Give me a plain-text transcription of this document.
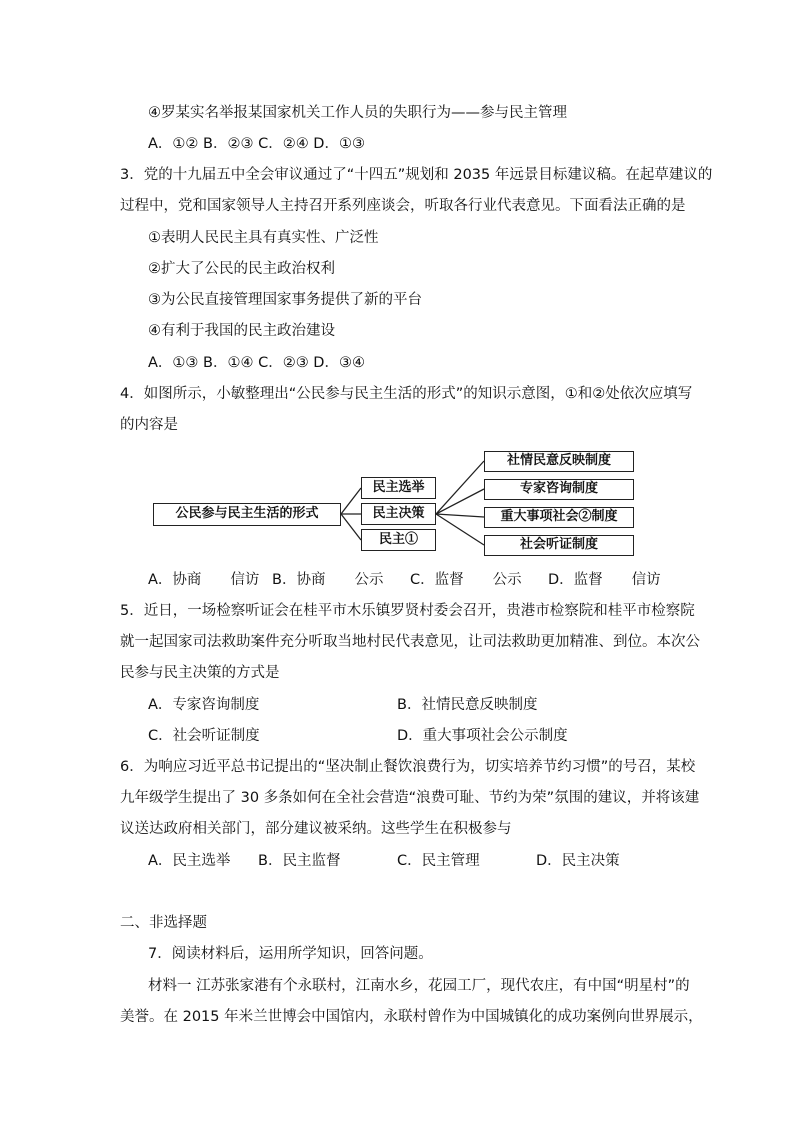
④罗某实名举报某国家机关工作人员的失职行为——参与民主管理
A．①② B．②③ C．②④ D．①③
3．党的十九届五中全会审议通过了“十四五”规划和 2035 年远景目标建议稿。在起草建议的
过程中，党和国家领导人主持召开系列座谈会，听取各行业代表意见。下面看法正确的是
①表明人民民主具有真实性、广泛性
②扩大了公民的民主政治权利
③为公民直接管理国家事务提供了新的平台
④有利于我国的民主政治建设
A．①③ B．①④ C．②③ D．③④
4．如图所示，小敏整理出“公民参与民主生活的形式”的知识示意图，①和②处依次应填写
的内容是
公民参与民主生活的形式
民主选举
民主决策
民主①
社情民意反映制度
专家咨询制度
重大事项社会②制度
社会听证制度
A．协商　　信访 B．协商　　公示 C．监督　　公示 D．监督　　信访
5．近日，一场检察听证会在桂平市木乐镇罗贤村委会召开，贵港市检察院和桂平市检察院
就一起国家司法救助案件充分听取当地村民代表意见，让司法救助更加精准、到位。本次公
民参与民主决策的方式是
A．专家咨询制度	B．社情民意反映制度
C．社会听证制度	D．重大事项社会公示制度
6．为响应习近平总书记提出的“坚决制止餐饮浪费行为，切实培养节约习惯”的号召，某校
九年级学生提出了 30 多条如何在全社会营造“浪费可耻、节约为荣”氛围的建议，并将该建
议送达政府相关部门，部分建议被采纳。这些学生在积极参与
A．民主选举 B．民主监督	C．民主管理	D．民主决策
二、非选择题
7．阅读材料后，运用所学知识，回答问题。
材料一 江苏张家港有个永联村，江南水乡，花园工厂，现代农庄，有中国“明星村”的
美誉。在 2015 年米兰世博会中国馆内，永联村曾作为中国城镇化的成功案例向世界展示，
